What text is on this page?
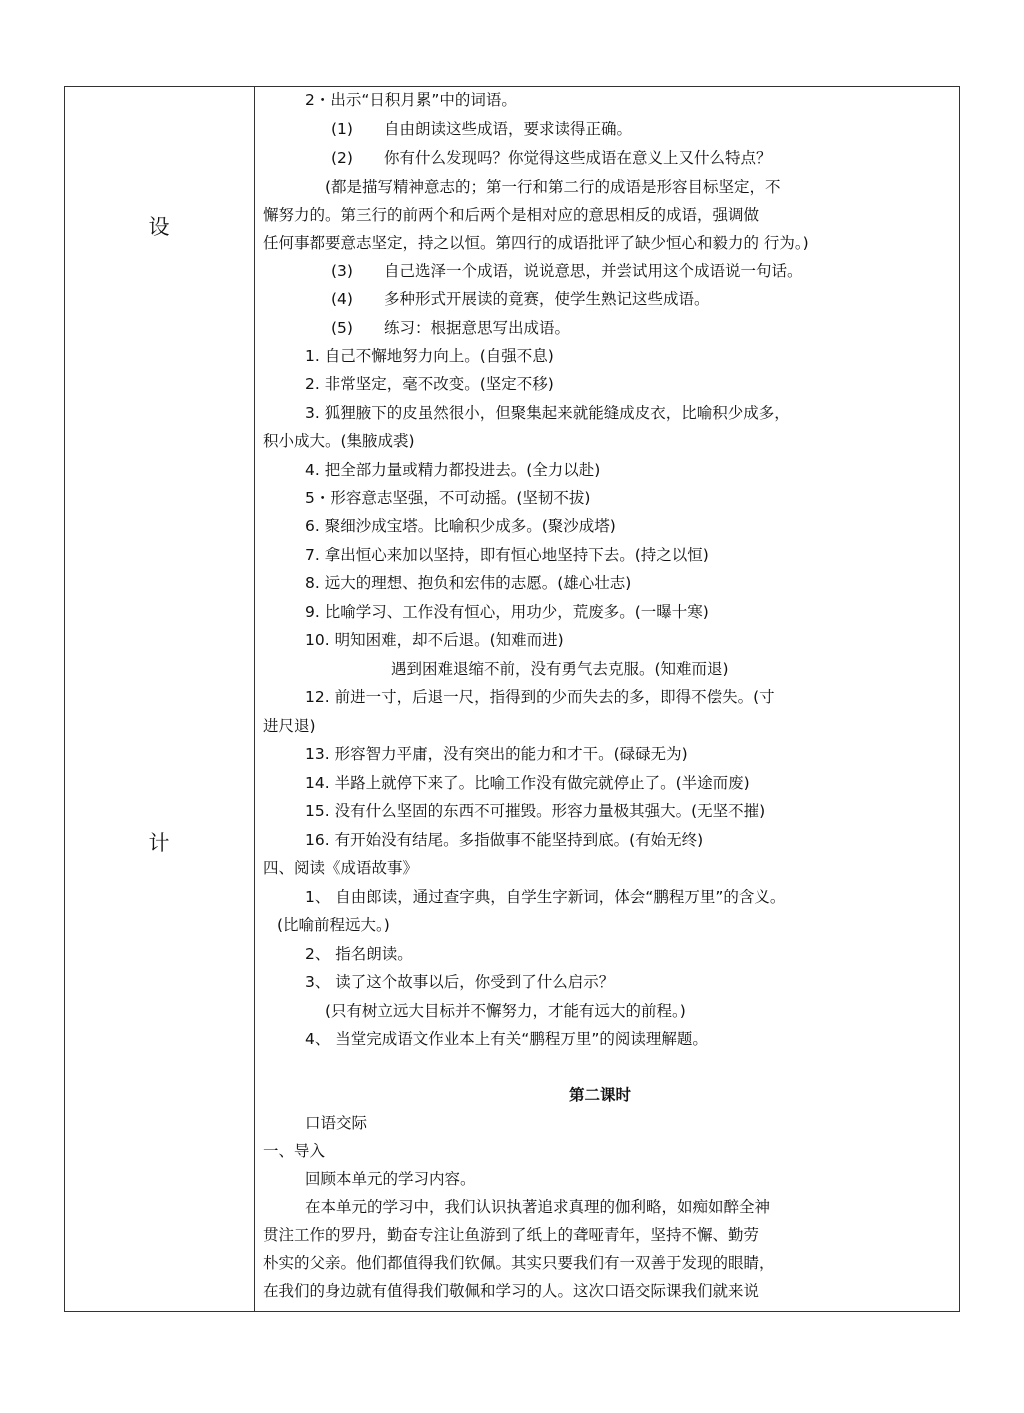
设
计
2・出示“日积月累”中的词语。
(1)　　自由朗读这些成语，要求读得正确。
(2)　　你有什么发现吗？你觉得这些成语在意义上又什么特点？
(都是描写精神意志的；第一行和第二行的成语是形容目标坚定，不
懈努力的。第三行的前两个和后两个是相对应的意思相反的成语，强调做
任何事都要意志坚定，持之以恒。第四行的成语批评了缺少恒心和毅力的 行为。)
(3)　　自己选泽一个成语，说说意思，并尝试用这个成语说一句话。
(4)　　多种形式开展读的竟赛，使学生熟记这些成语。
(5)　　练习：根据意思写出成语。
1. 自己不懈地努力向上。(自强不息)
2. 非常坚定，毫不改变。(坚定不移)
3. 狐狸腋下的皮虽然很小，但聚集起来就能缝成皮衣，比喻积少成多，
积小成大。(集腋成裘)
4. 把全部力量或精力都投进去。(全力以赴)
5・形容意志坚强，不可动摇。(坚韧不拔)
6. 聚细沙成宝塔。比喻积少成多。(聚沙成塔)
7. 拿出恒心来加以坚持，即有恒心地坚持下去。(持之以恒)
8. 远大的理想、抱负和宏伟的志愿。(雄心壮志)
9. 比喻学习、工作没有恒心，用功少，荒废多。(一曝十寒)
10. 明知困难，却不后退。(知难而进)
遇到困难退缩不前，没有勇气去克服。(知难而退)
12. 前进一寸，后退一尺，指得到的少而失去的多，即得不偿失。(寸
进尺退)
13. 形容智力平庸，没有突出的能力和才干。(碌碌无为)
14. 半路上就停下来了。比喻工作没有做完就停止了。(半途而废)
15. 没有什么坚固的东西不可摧毁。形容力量极其强大。(无坚不摧)
16. 有开始没有结尾。多指做事不能坚持到底。(有始无终)
四、阅读《成语故事》
1、 自由郎读，通过查字典，自学生字新词，体会“鹏程万里”的含义。
(比喻前程远大。)
2、 指名朗读。
3、 读了这个故事以后，你受到了什么启示？
(只有树立远大目标并不懈努力，才能有远大的前程。)
4、 当堂完成语文作业本上有关“鹏程万里”的阅读理解题。
第二课时
口语交际
一、导入
回顾本单元的学习内容。
在本单元的学习中，我们认识执著追求真理的伽利略，如痴如醉全神
贯注工作的罗丹，勤奋专注让鱼游到了纸上的聋哑青年，坚持不懈、勤劳
朴实的父亲。他们都值得我们钦佩。其实只要我们有一双善于发现的眼睛，
在我们的身边就有值得我们敬佩和学习的人。这次口语交际课我们就来说
